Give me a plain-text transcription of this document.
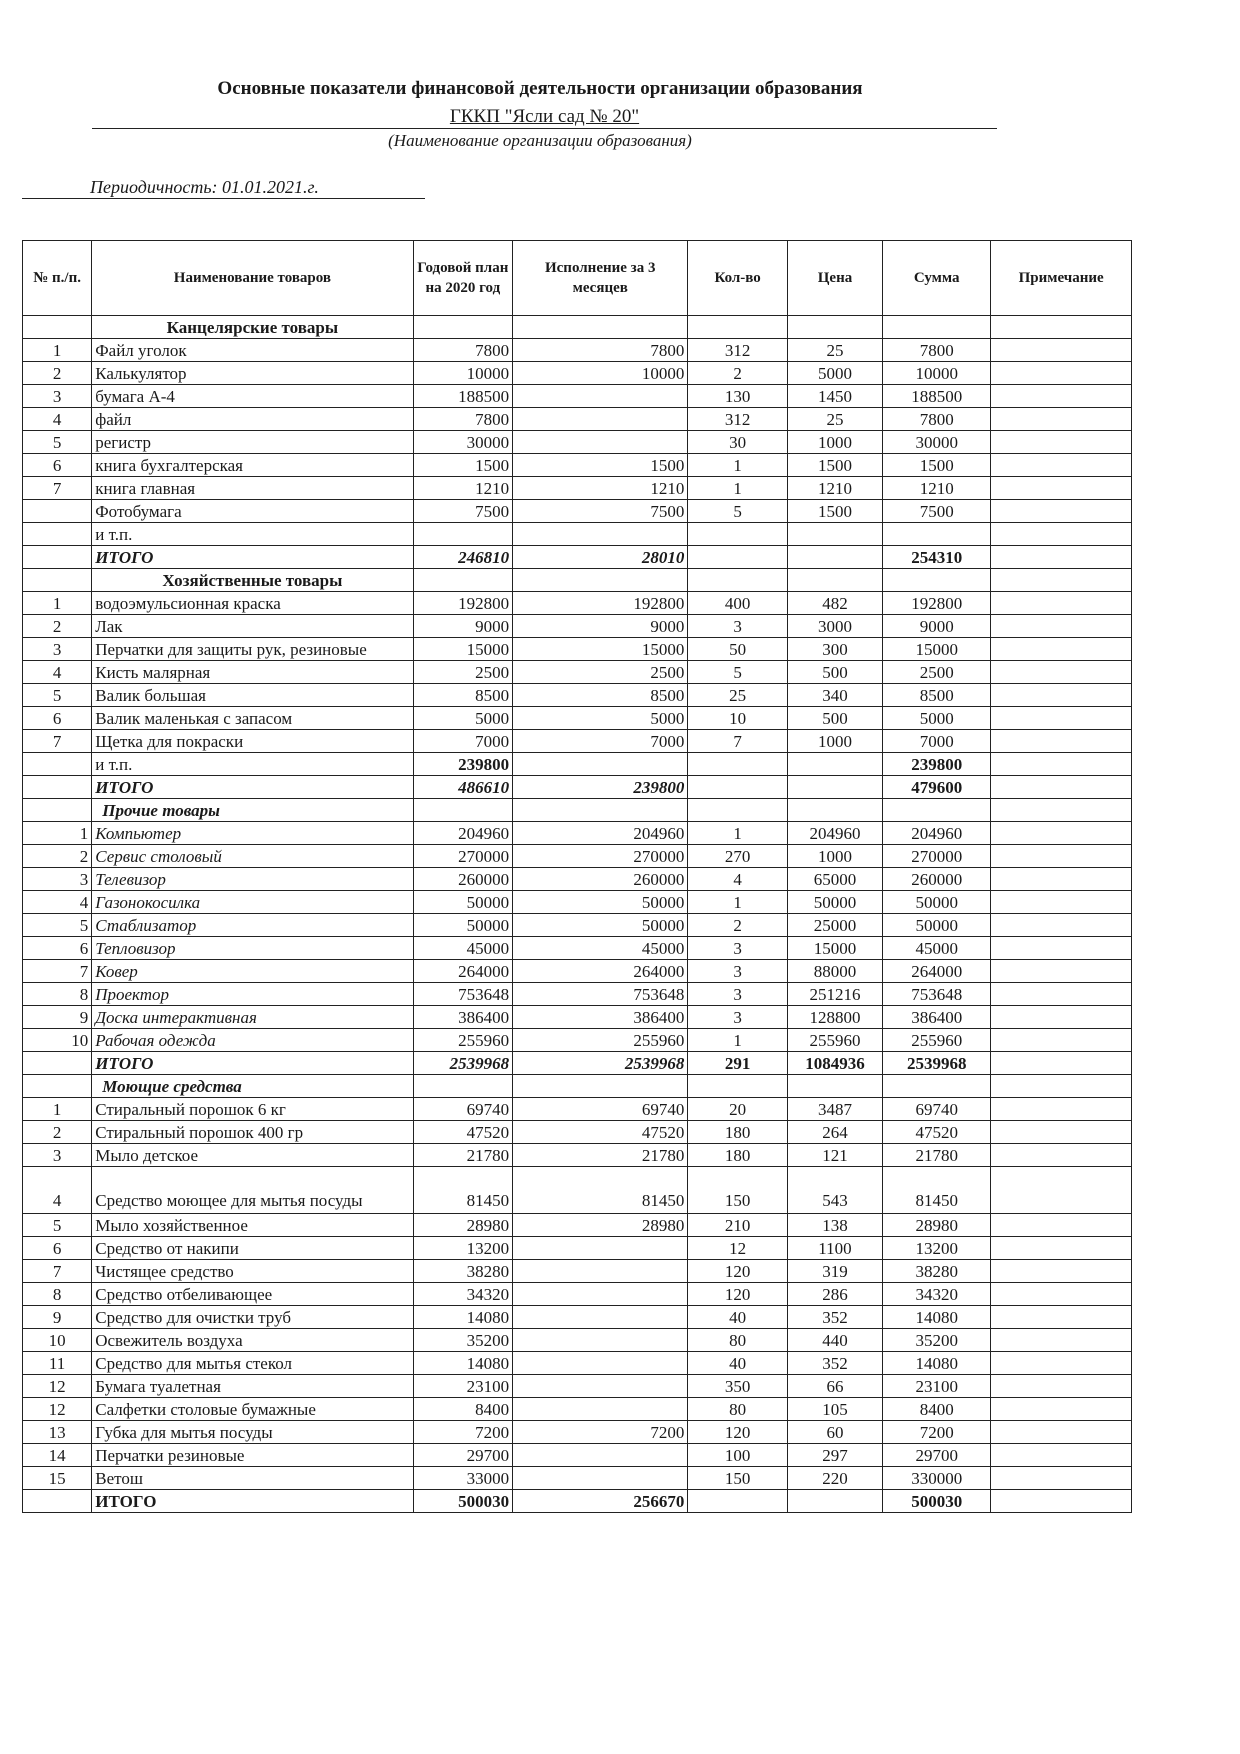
Основные показатели финансовой деятельности организации образования
ГККП "Ясли сад № 20"
(Наименование организации образования)
Периодичность: 01.01.2021.г.
№ п./п.	Наименование товаров	Годовой план на 2020 год	Исполнение за 3 месяцев	Кол-во	Цена	Сумма	Примечание
	Канцелярские товары						
1	Файл уголок	7800	7800	312	25	7800	
2	Калькулятор	10000	10000	2	5000	10000	
3	бумага А-4	188500		130	1450	188500	
4	файл	7800		312	25	7800	
5	регистр	30000		30	1000	30000	
6	книга бухгалтерская	1500	1500	1	1500	1500	
7	книга главная	1210	1210	1	1210	1210	
	Фотобумага	7500	7500	5	1500	7500	
	и т.п.						
	ИТОГО	246810	28010			254310	
	Хозяйственные товары						
1	водоэмульсионная краска	192800	192800	400	482	192800	
2	Лак	9000	9000	3	3000	9000	
3	Перчатки для защиты рук, резиновые	15000	15000	50	300	15000	
4	Кисть малярная	2500	2500	5	500	2500	
5	Валик большая	8500	8500	25	340	8500	
6	Валик маленькая с запасом	5000	5000	10	500	5000	
7	Щетка для покраски	7000	7000	7	1000	7000	
	и т.п.	239800				239800	
	ИТОГО	486610	239800			479600	
	Прочие товары						
1	Компьютер	204960	204960	1	204960	204960	
2	Сервис столовый	270000	270000	270	1000	270000	
3	Телевизор	260000	260000	4	65000	260000	
4	Газонокосилка	50000	50000	1	50000	50000	
5	Стаблизатор	50000	50000	2	25000	50000	
6	Тепловизор	45000	45000	3	15000	45000	
7	Ковер	264000	264000	3	88000	264000	
8	Проектор	753648	753648	3	251216	753648	
9	Доска интерактивная	386400	386400	3	128800	386400	
10	Рабочая одежда	255960	255960	1	255960	255960	
	ИТОГО	2539968	2539968	291	1084936	2539968	
	Моющие средства						
1	Стиральный порошок 6 кг	69740	69740	20	3487	69740	
2	Стиральный порошок 400 гр	47520	47520	180	264	47520	
3	Мыло детское	21780	21780	180	121	21780	
4	Средство моющее для мытья посуды	81450	81450	150	543	81450	
5	Мыло хозяйственное	28980	28980	210	138	28980	
6	Средство от накипи	13200		12	1100	13200	
7	Чистящее средство	38280		120	319	38280	
8	Средство отбеливающее	34320		120	286	34320	
9	Средство для очистки труб	14080		40	352	14080	
10	Освежитель воздуха	35200		80	440	35200	
11	Средство для мытья стекол	14080		40	352	14080	
12	Бумага туалетная	23100		350	66	23100	
12	Салфетки столовые бумажные	8400		80	105	8400	
13	Губка для мытья посуды	7200	7200	120	60	7200	
14	Перчатки резиновые	29700		100	297	29700	
15	Ветош	33000		150	220	330000	
	ИТОГО	500030	256670			500030	
